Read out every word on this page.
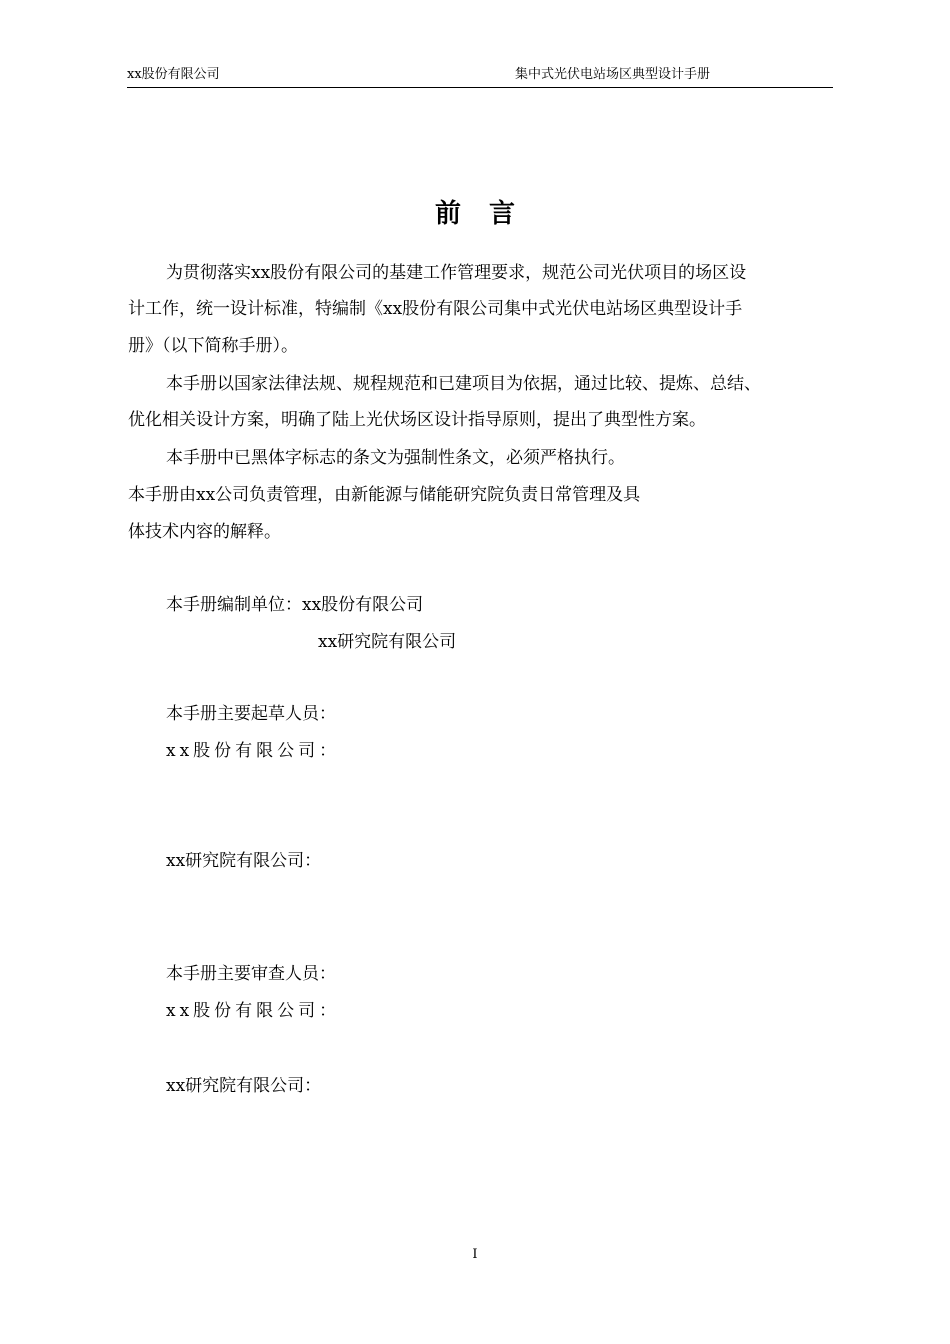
xx股份有限公司	集中式光伏电站场区典型设计手册
前言
为贯彻落实xx股份有限公司的基建工作管理要求，规范公司光伏项目的场区设
计工作，统一设计标准，特编制《xx股份有限公司集中式光伏电站场区典型设计手
册》（以下简称手册）。
本手册以国家法律法规、规程规范和已建项目为依据，通过比较、提炼、总结、
优化相关设计方案，明确了陆上光伏场区设计指导原则，提出了典型性方案。
本手册中已黑体字标志的条文为强制性条文，必须严格执行。
本手册由xx公司负责管理，由新能源与储能研究院负责日常管理及具
体技术内容的解释。
本手册编制单位：xx股份有限公司
xx研究院有限公司
本手册主要起草人员：
xx股份有限公司：
xx研究院有限公司：
本手册主要审查人员：
xx股份有限公司：
xx研究院有限公司：
I
